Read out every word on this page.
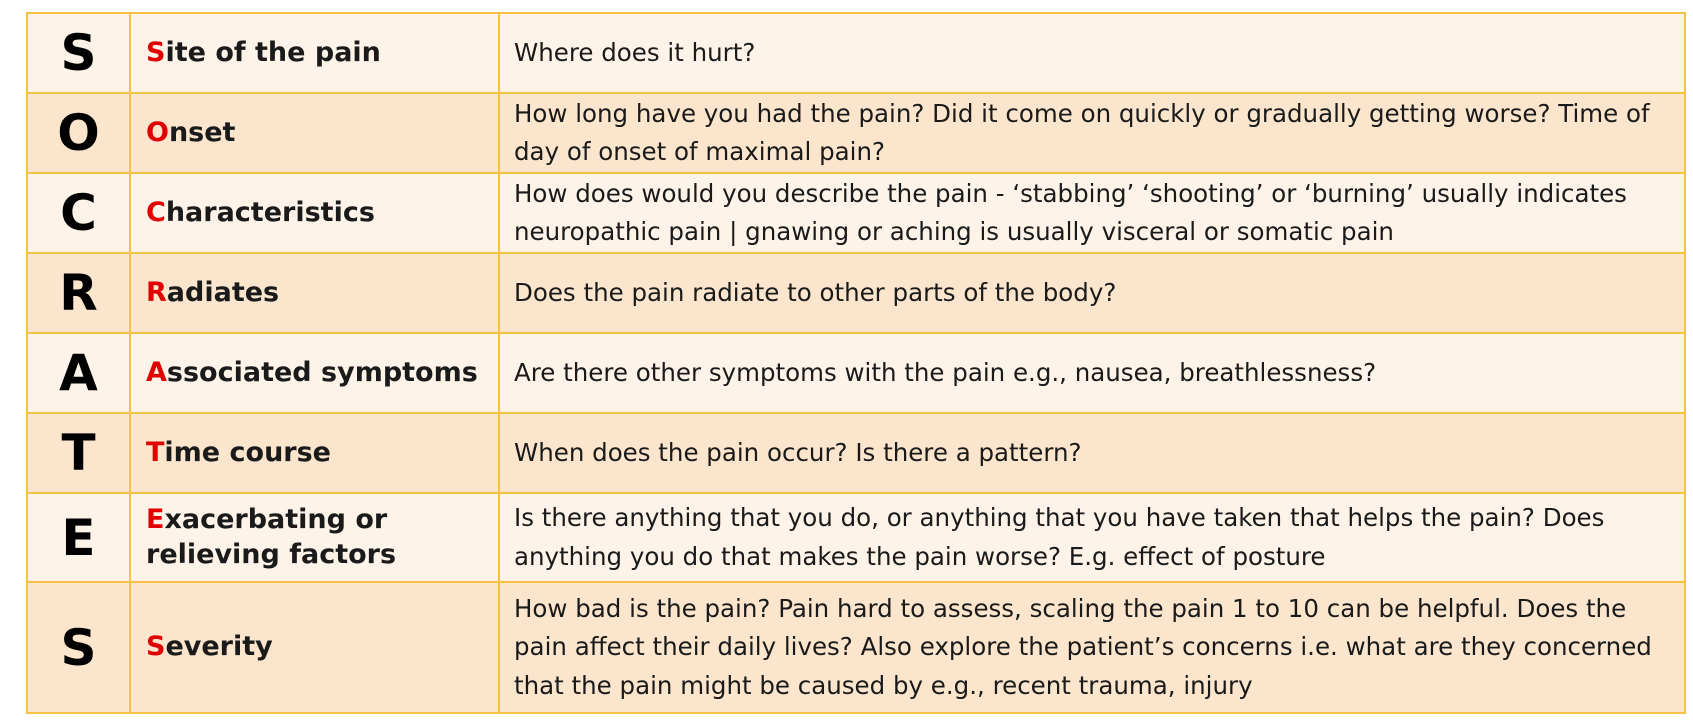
S	Site of the pain	Where does it hurt?
O	Onset	How long have you had the pain? Did it come on quickly or gradually getting worse? Time of day of onset of maximal pain?
C	Characteristics	How does would you describe the pain - ‘stabbing’ ‘shooting’ or ‘burning’ usually indicates neuropathic pain | gnawing or aching is usually visceral or somatic pain
R	Radiates	Does the pain radiate to other parts of the body?
A	Associated symptoms	Are there other symptoms with the pain e.g., nausea, breathlessness?
T	Time course	When does the pain occur? Is there a pattern?
E	Exacerbating or relieving factors	Is there anything that you do, or anything that you have taken that helps the pain? Does anything you do that makes the pain worse? E.g. effect of posture
S	Severity	How bad is the pain? Pain hard to assess, scaling the pain 1 to 10 can be helpful. Does the pain affect their daily lives? Also explore the patient’s concerns i.e. what are they concerned that the pain might be caused by e.g., recent trauma, injury
